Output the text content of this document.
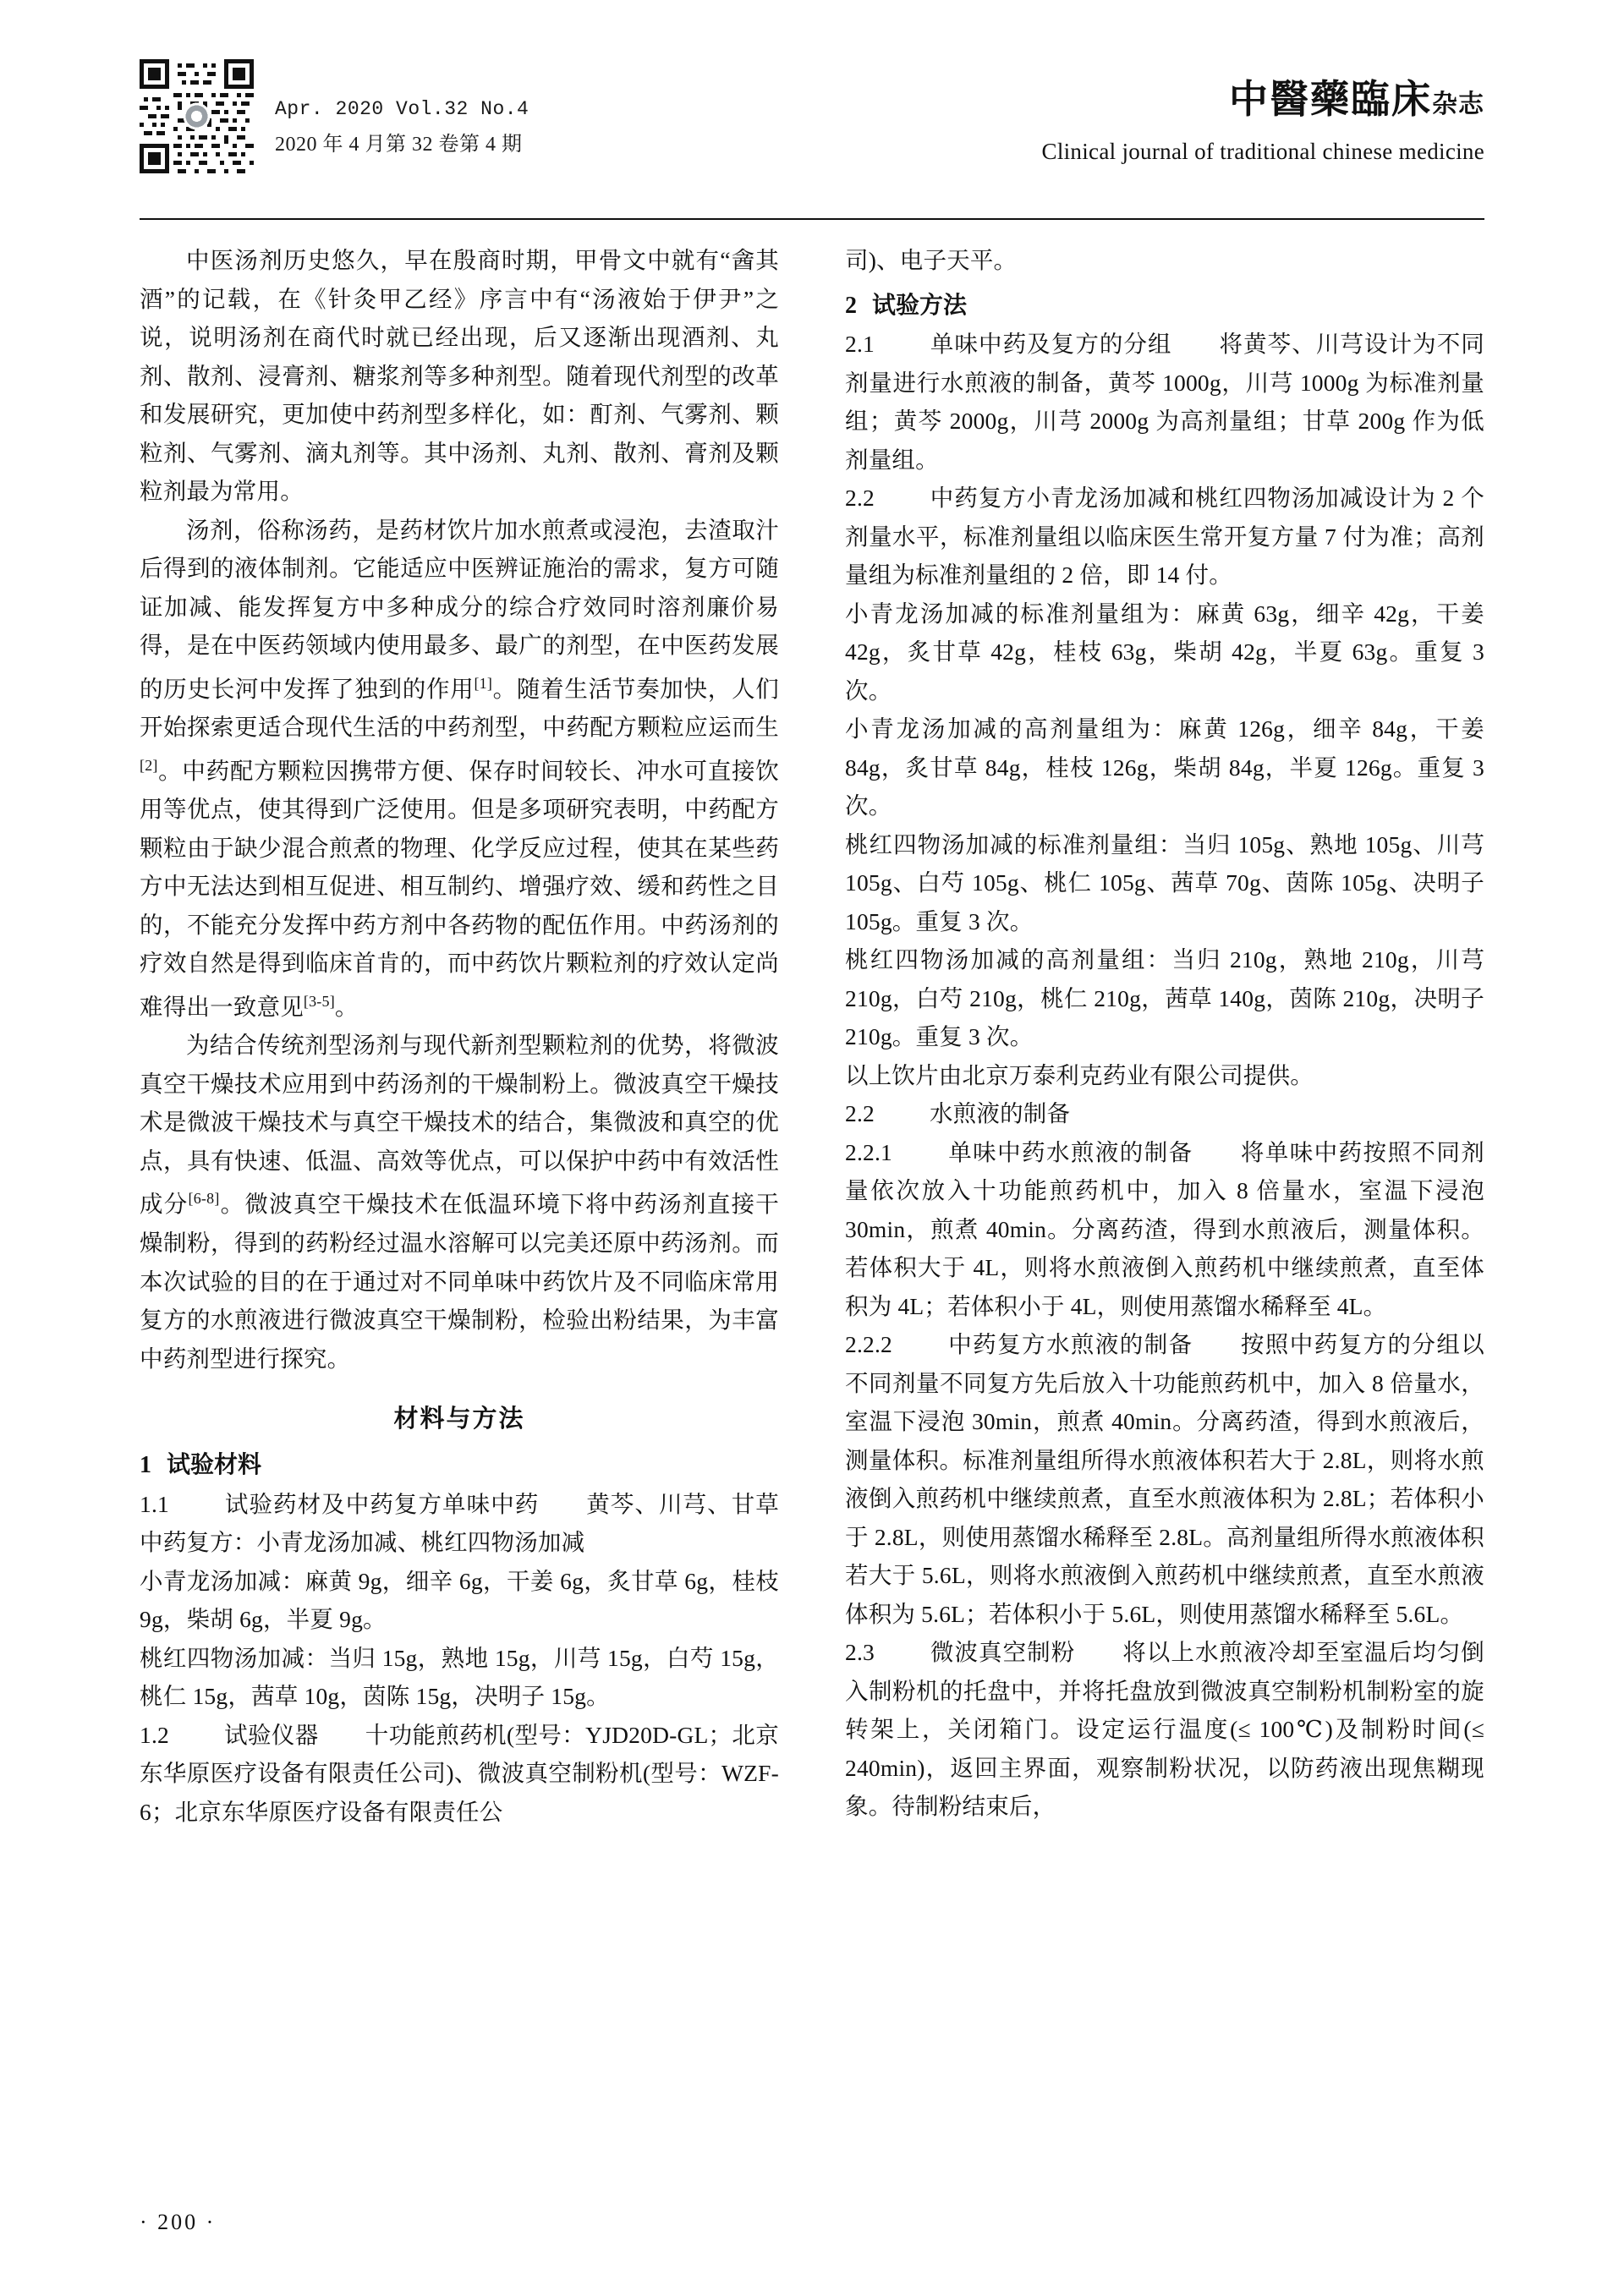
Apr. 2020 Vol.32 No.4
2020 年 4 月第 32 卷第 4 期
中醫藥臨床杂志
Clinical journal of traditional chinese medicine

中医汤剂历史悠久，早在殷商时期，甲骨文中就有“酓其酒”的记载，在《针灸甲乙经》序言中有“汤液始于伊尹”之说，说明汤剂在商代时就已经出现，后又逐渐出现酒剂、丸剂、散剂、浸膏剂、糖浆剂等多种剂型。随着现代剂型的改革和发展研究，更加使中药剂型多样化，如：酊剂、气雾剂、颗粒剂、气雾剂、滴丸剂等。其中汤剂、丸剂、散剂、膏剂及颗粒剂最为常用。

汤剂，俗称汤药，是药材饮片加水煎煮或浸泡，去渣取汁后得到的液体制剂。它能适应中医辨证施治的需求，复方可随证加减、能发挥复方中多种成分的综合疗效同时溶剂廉价易得，是在中医药领域内使用最多、最广的剂型，在中医药发展的历史长河中发挥了独到的作用[1]。随着生活节奏加快，人们开始探索更适合现代生活的中药剂型，中药配方颗粒应运而生[2]。中药配方颗粒因携带方便、保存时间较长、冲水可直接饮用等优点，使其得到广泛使用。但是多项研究表明，中药配方颗粒由于缺少混合煎煮的物理、化学反应过程，使其在某些药方中无法达到相互促进、相互制约、增强疗效、缓和药性之目的，不能充分发挥中药方剂中各药物的配伍作用。中药汤剂的疗效自然是得到临床首肯的，而中药饮片颗粒剂的疗效认定尚难得出一致意见[3-5]。

为结合传统剂型汤剂与现代新剂型颗粒剂的优势，将微波真空干燥技术应用到中药汤剂的干燥制粉上。微波真空干燥技术是微波干燥技术与真空干燥技术的结合，集微波和真空的优点，具有快速、低温、高效等优点，可以保护中药中有效活性成分[6-8]。微波真空干燥技术在低温环境下将中药汤剂直接干燥制粉，得到的药粉经过温水溶解可以完美还原中药汤剂。而本次试验的目的在于通过对不同单味中药饮片及不同临床常用复方的水煎液进行微波真空干燥制粉，检验出粉结果，为丰富中药剂型进行探究。

材料与方法
1 试验材料

1.1 试验药材及中药复方单味中药 黄芩、川芎、甘草中药复方：小青龙汤加减、桃红四物汤加减

小青龙汤加减：麻黄 9g，细辛 6g，干姜 6g，炙甘草 6g，桂枝 9g，柴胡 6g，半夏 9g。

桃红四物汤加减：当归 15g，熟地 15g，川芎 15g，白芍 15g，桃仁 15g，茜草 10g，茵陈 15g，决明子 15g。

1.2 试验仪器 十功能煎药机(型号：YJD20D-GL；北京东华原医疗设备有限责任公司)、微波真空制粉机(型号：WZF-6；北京东华原医疗设备有限责任公

司)、电子天平。

2 试验方法

2.1 单味中药及复方的分组 将黄芩、川芎设计为不同剂量进行水煎液的制备，黄芩 1000g，川芎 1000g 为标准剂量组；黄芩 2000g，川芎 2000g 为高剂量组；甘草 200g 作为低剂量组。

2.2 中药复方小青龙汤加减和桃红四物汤加减设计为 2 个剂量水平，标准剂量组以临床医生常开复方量 7 付为准；高剂量组为标准剂量组的 2 倍，即 14 付。

小青龙汤加减的标准剂量组为：麻黄 63g，细辛 42g，干姜 42g，炙甘草 42g，桂枝 63g，柴胡 42g，半夏 63g。重复 3 次。

小青龙汤加减的高剂量组为：麻黄 126g，细辛 84g，干姜 84g，炙甘草 84g，桂枝 126g，柴胡 84g，半夏 126g。重复 3 次。

桃红四物汤加减的标准剂量组：当归 105g、熟地 105g、川芎 105g、白芍 105g、桃仁 105g、茜草 70g、茵陈 105g、决明子 105g。重复 3 次。

桃红四物汤加减的高剂量组：当归 210g，熟地 210g，川芎 210g，白芍 210g，桃仁 210g，茜草 140g，茵陈 210g，决明子 210g。重复 3 次。

以上饮片由北京万泰利克药业有限公司提供。

2.2 水煎液的制备

2.2.1 单味中药水煎液的制备 将单味中药按照不同剂量依次放入十功能煎药机中，加入 8 倍量水，室温下浸泡 30min，煎煮 40min。分离药渣，得到水煎液后，测量体积。若体积大于 4L，则将水煎液倒入煎药机中继续煎煮，直至体积为 4L；若体积小于 4L，则使用蒸馏水稀释至 4L。

2.2.2 中药复方水煎液的制备 按照中药复方的分组以不同剂量不同复方先后放入十功能煎药机中，加入 8 倍量水，室温下浸泡 30min，煎煮 40min。分离药渣，得到水煎液后，测量体积。标准剂量组所得水煎液体积若大于 2.8L，则将水煎液倒入煎药机中继续煎煮，直至水煎液体积为 2.8L；若体积小于 2.8L，则使用蒸馏水稀释至 2.8L。高剂量组所得水煎液体积若大于 5.6L，则将水煎液倒入煎药机中继续煎煮，直至水煎液体积为 5.6L；若体积小于 5.6L，则使用蒸馏水稀释至 5.6L。

2.3 微波真空制粉 将以上水煎液冷却至室温后均匀倒入制粉机的托盘中，并将托盘放到微波真空制粉机制粉室的旋转架上，关闭箱门。设定运行温度(≤ 100℃)及制粉时间(≤ 240min)，返回主界面，观察制粉状况，以防药液出现焦糊现象。待制粉结束后，

· 200 ·
